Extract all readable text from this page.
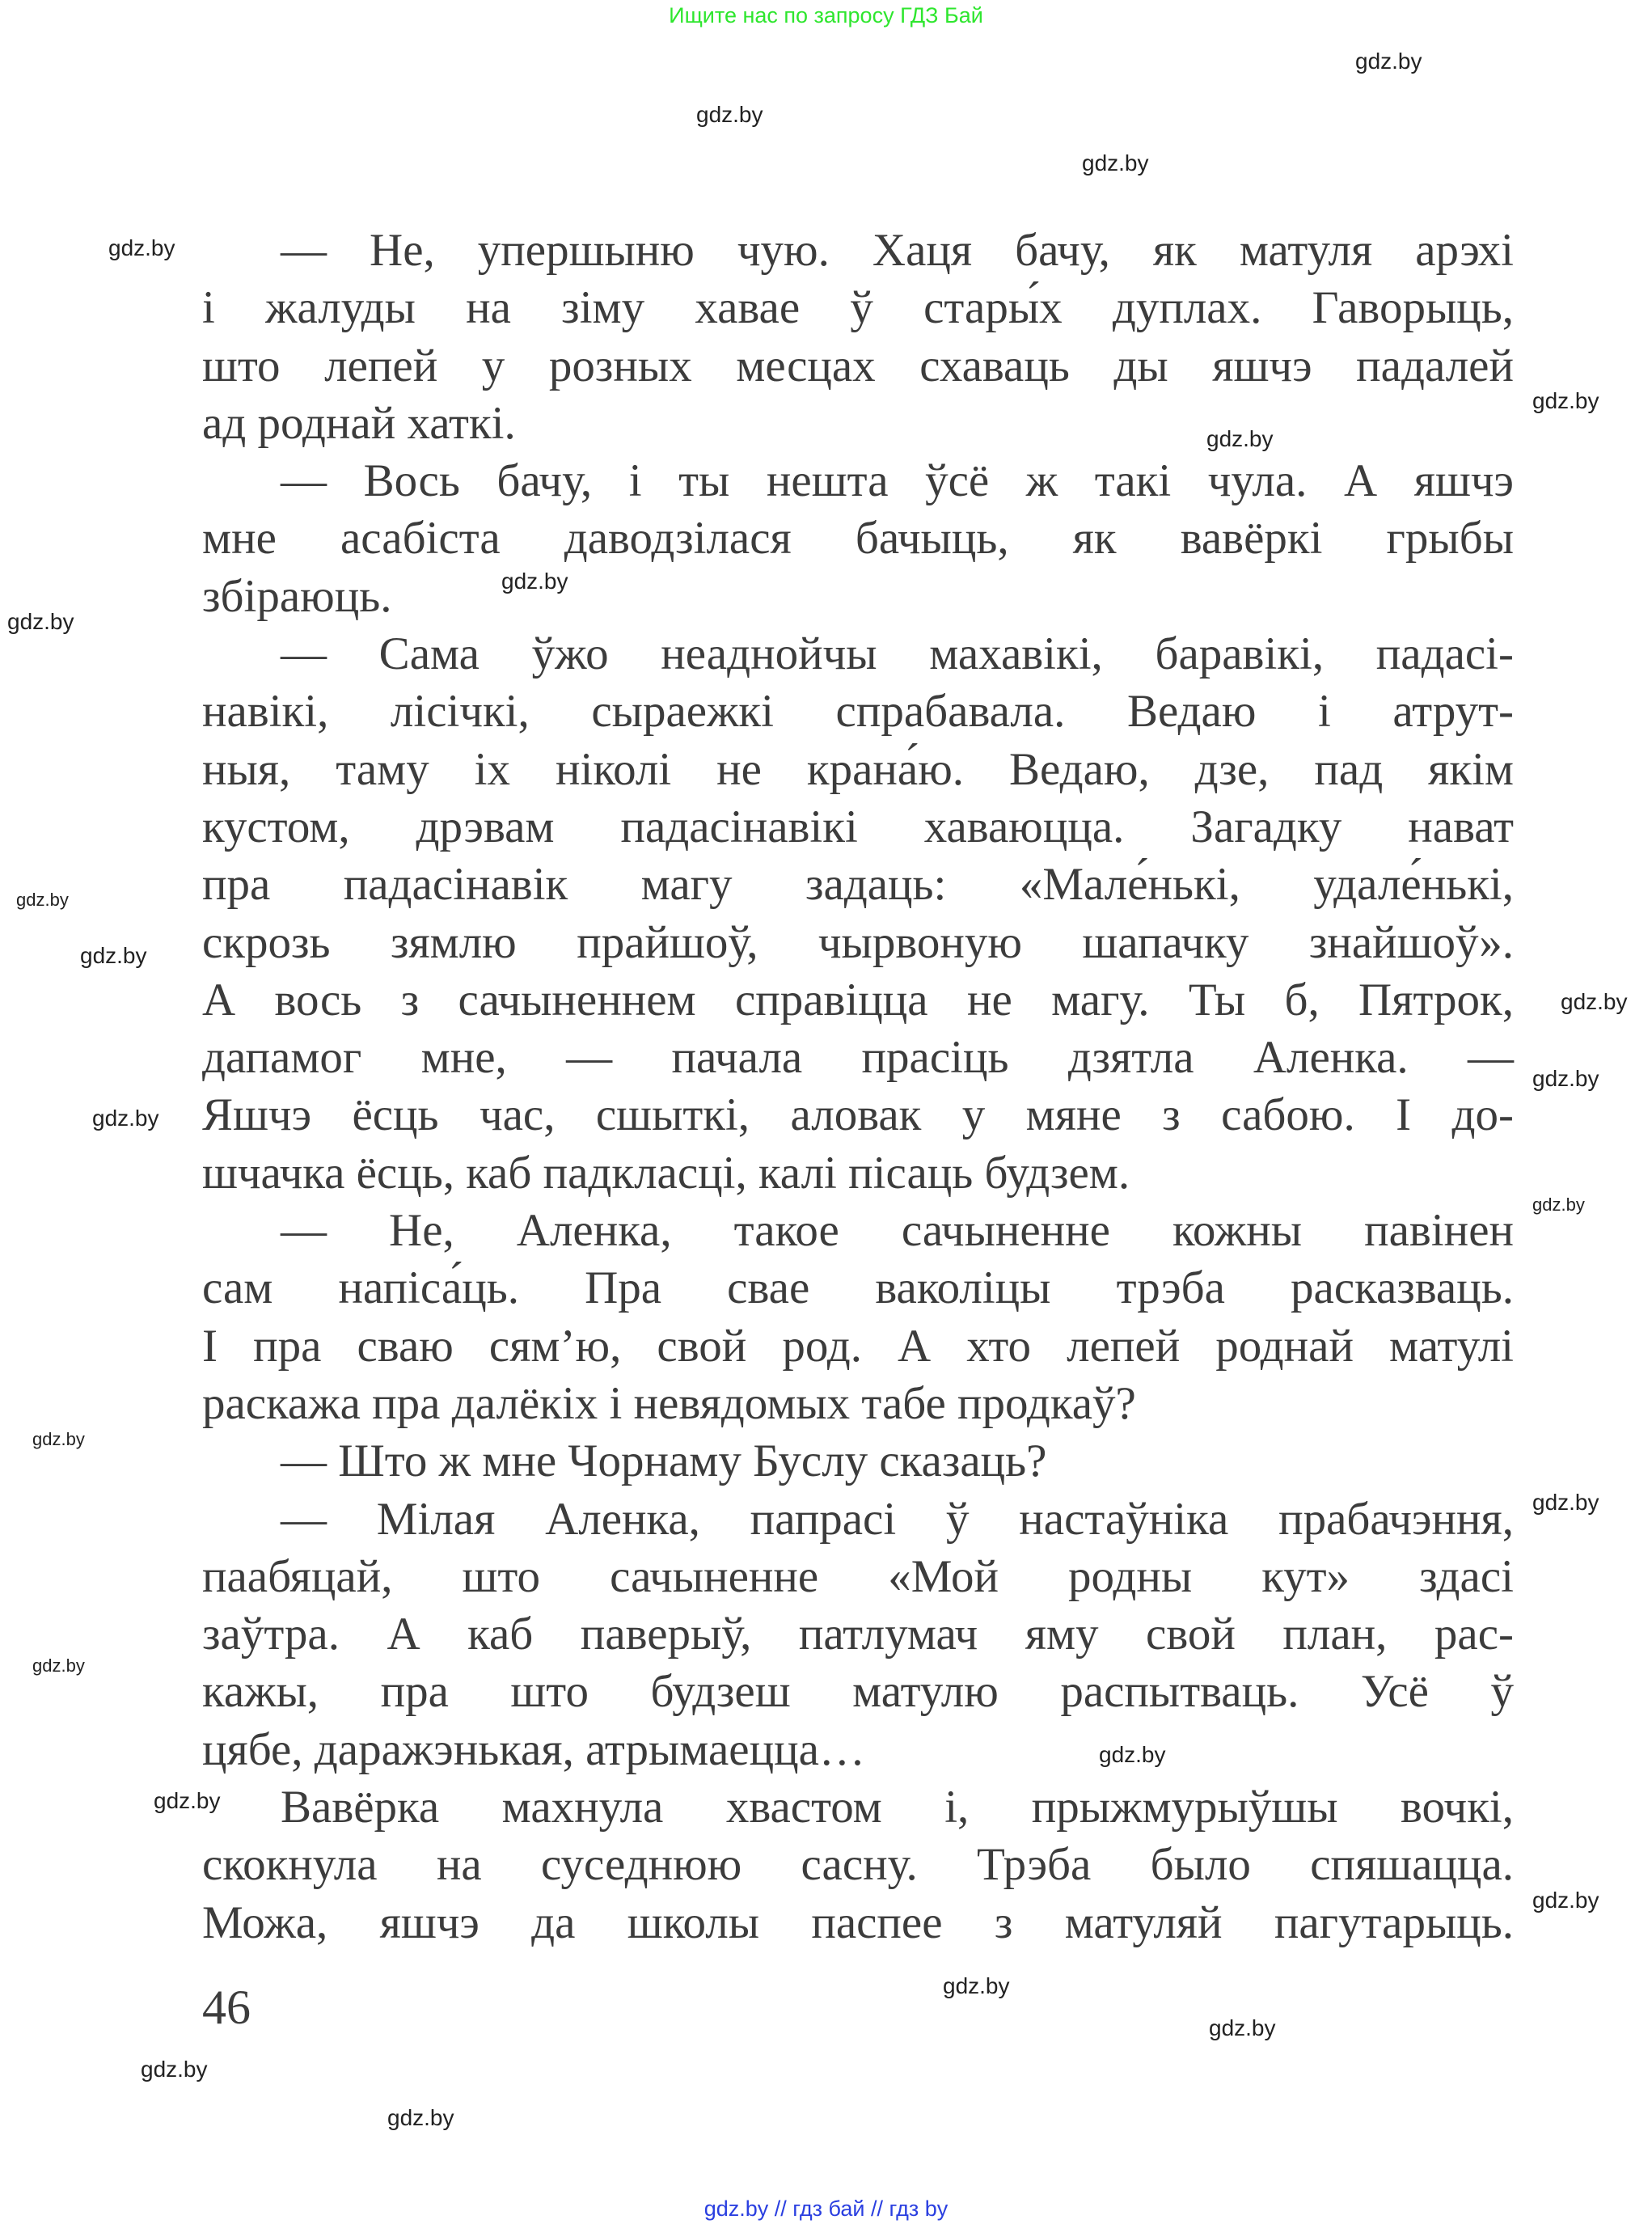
Ищите нас по запросу ГДЗ Бай
— Не, упершыню чую. Хаця бачу, як матуля арэхі
і жалуды на зіму хавае ў стары́х дуплах. Гаворыць,
што лепей у розных месцах схаваць ды яшчэ падалей
ад роднай хаткі.
— Вось бачу, і ты нешта ўсё ж такі чула. А яшчэ
мне асабіста даводзілася бачыць, як вавёркі грыбы
збіраюць.
— Сама ўжо неаднойчы махавікі, баравікі, падасі-
навікі, лісічкі, сыраежкі спрабавала. Ведаю і атрут-
ныя, таму іх ніколі не крана́ю. Ведаю, дзе, пад якім
кустом, дрэвам падасінавікі хаваюцца. Загадку нават
пра падасінавік магу задаць: «Мале́нькі, удале́нькі,
скрозь зямлю прайшоў, чырвоную шапачку знайшоў».
А вось з сачыненнем справіцца не магу. Ты б, Пятрок,
дапамог мне, — пачала прасіць дзятла Аленка. —
Яшчэ ёсць час, сшыткі, аловак у мяне з сабою. І до-
шчачка ёсць, каб падкласці, калі пісаць будзем.
— Не, Аленка, такое сачыненне кожны павінен
сам напіса́ць. Пра свае ваколіцы трэба расказваць.
І пра сваю сям’ю, свой род. А хто лепей роднай матулі
раскажа пра далёкіх і невядомых табе продкаў?
— Што ж мне Чорнаму Буслу сказаць?
— Мілая Аленка, папрасі ў настаўніка прабачэння,
паабяцай, што сачыненне «Мой родны кут» здасі
заўтра. А каб паверыў, патлумач яму свой план, рас-
кажы, пра што будзеш матулю распытваць. Усё ў
цябе, даражэнькая, атрымаецца…
Вавёрка махнула хвастом і, прыжмурыўшы вочкі,
скокнула на суседнюю сасну. Трэба было спяшацца.
Можа, яшчэ да школы паспее з матуляй пагутарыць.
46
gdz.by
gdz.by
gdz.by
gdz.by
gdz.by
gdz.by
gdz.by
gdz.by
gdz.by
gdz.by
gdz.by
gdz.by
gdz.by
gdz.by
gdz.by
gdz.by
gdz.by
gdz.by
gdz.by
gdz.by
gdz.by
gdz.by
gdz.by
gdz.by
gdz.by // гдз бай // гдз by
